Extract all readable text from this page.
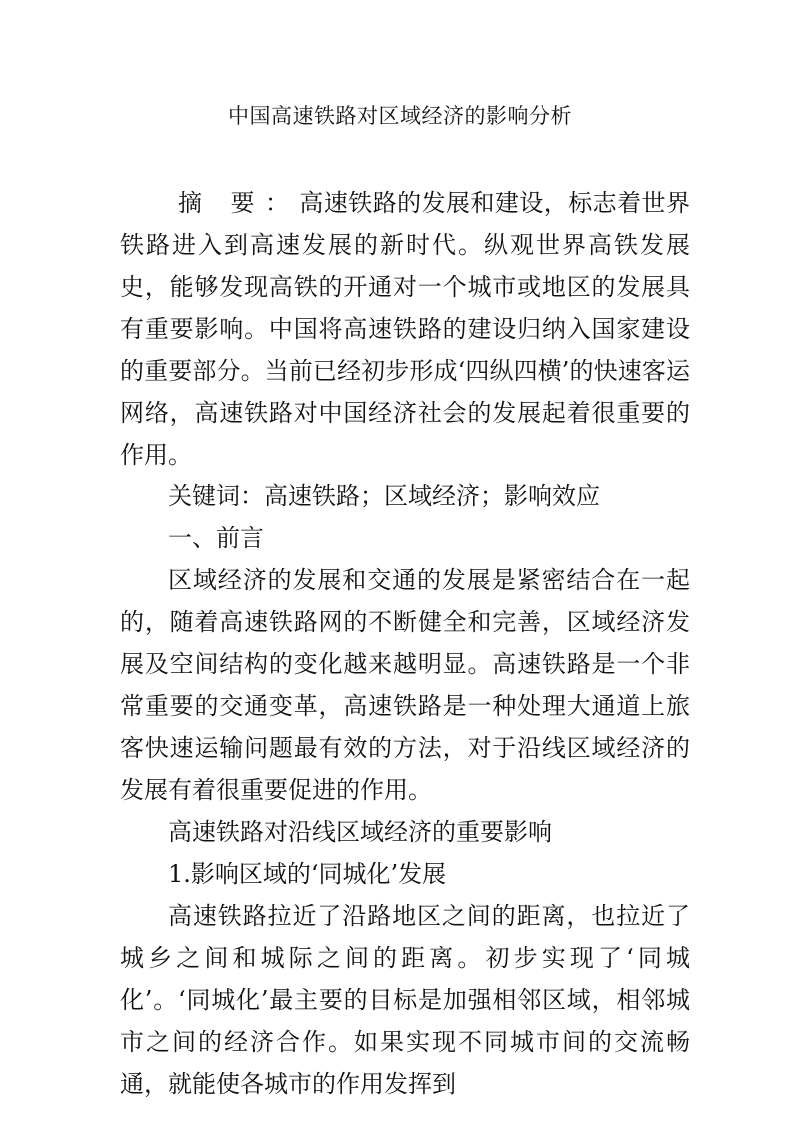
中国高速铁路对区域经济的影响分析
摘 要：高速铁路的发展和建设，标志着世界铁路进入到高速发展的新时代。纵观世界高铁发展史，能够发现高铁的开通对一个城市或地区的发展具有重要影响。中国将高速铁路的建设归纳入国家建设的重要部分。当前已经初步形成‘四纵四横’的快速客运网络，高速铁路对中国经济社会的发展起着很重要的作用。

关键词：高速铁路；区域经济；影响效应

一、前言

区域经济的发展和交通的发展是紧密结合在一起的，随着高速铁路网的不断健全和完善，区域经济发展及空间结构的变化越来越明显。高速铁路是一个非常重要的交通变革，高速铁路是一种处理大通道上旅客快速运输问题最有效的方法，对于沿线区域经济的发展有着很重要促进的作用。

高速铁路对沿线区域经济的重要影响

1.影响区域的‘同城化’发展

高速铁路拉近了沿路地区之间的距离，也拉近了城乡之间和城际之间的距离。初步实现了‘同城化’。‘同城化’最主要的目标是加强相邻区域，相邻城市之间的经济合作。如果实现不同城市间的交流畅通，就能使各城市的作用发挥到
